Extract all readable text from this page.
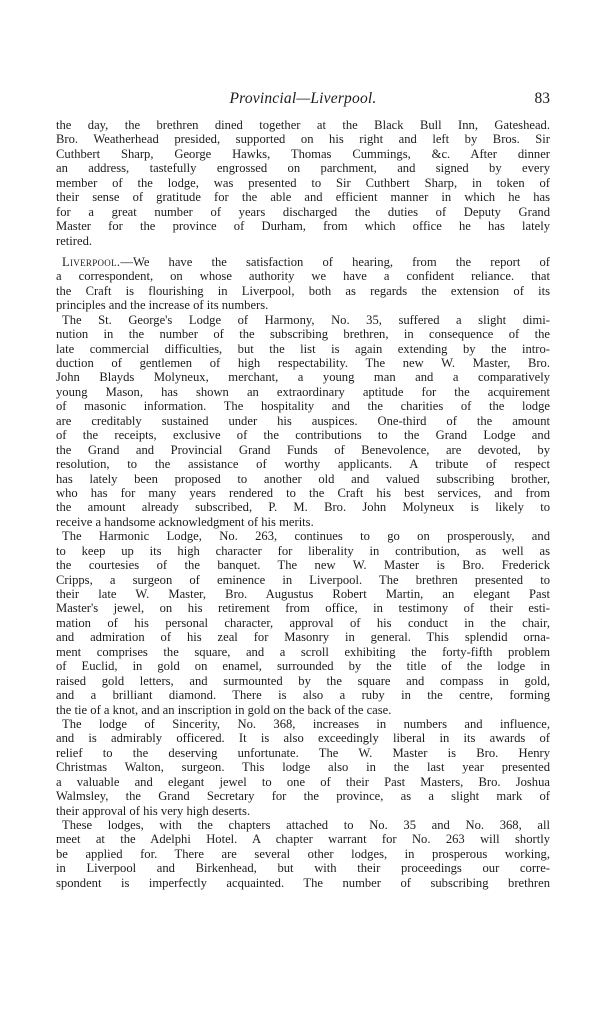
Provincial—Liverpool.	83
the day, the brethren dined together at the Black Bull Inn, Gateshead.
Bro. Weatherhead presided, supported on his right and left by Bros. Sir
Cuthbert Sharp, George Hawks, Thomas Cummings, &c. After dinner
an address, tastefully engrossed on parchment, and signed by every
member of the lodge, was presented to Sir Cuthbert Sharp, in token of
their sense of gratitude for the able and efficient manner in which he has
for a great number of years discharged the duties of Deputy Grand
Master for the province of Durham, from which office he has lately
retired.
Liverpool.—We have the satisfaction of hearing, from the report of
a correspondent, on whose authority we have a confident reliance. that
the Craft is flourishing in Liverpool, both as regards the extension of its
principles and the increase of its numbers.
The St. George's Lodge of Harmony, No. 35, suffered a slight dimi-
nution in the number of the subscribing brethren, in consequence of the
late commercial difficulties, but the list is again extending by the intro-
duction of gentlemen of high respectability. The new W. Master, Bro.
John Blayds Molyneux, merchant, a young man and a comparatively
young Mason, has shown an extraordinary aptitude for the acquirement
of masonic information. The hospitality and the charities of the lodge
are creditably sustained under his auspices. One-third of the amount
of the receipts, exclusive of the contributions to the Grand Lodge and
the Grand and Provincial Grand Funds of Benevolence, are devoted, by
resolution, to the assistance of worthy applicants. A tribute of respect
has lately been proposed to another old and valued subscribing brother,
who has for many years rendered to the Craft his best services, and from
the amount already subscribed, P. M. Bro. John Molyneux is likely to
receive a handsome acknowledgment of his merits.
The Harmonic Lodge, No. 263, continues to go on prosperously, and
to keep up its high character for liberality in contribution, as well as
the courtesies of the banquet. The new W. Master is Bro. Frederick
Cripps, a surgeon of eminence in Liverpool. The brethren presented to
their late W. Master, Bro. Augustus Robert Martin, an elegant Past
Master's jewel, on his retirement from office, in testimony of their esti-
mation of his personal character, approval of his conduct in the chair,
and admiration of his zeal for Masonry in general. This splendid orna-
ment comprises the square, and a scroll exhibiting the forty-fifth problem
of Euclid, in gold on enamel, surrounded by the title of the lodge in
raised gold letters, and surmounted by the square and compass in gold,
and a brilliant diamond. There is also a ruby in the centre, forming
the tie of a knot, and an inscription in gold on the back of the case.
The lodge of Sincerity, No. 368, increases in numbers and influence,
and is admirably officered. It is also exceedingly liberal in its awards of
relief to the deserving unfortunate. The W. Master is Bro. Henry
Christmas Walton, surgeon. This lodge also in the last year presented
a valuable and elegant jewel to one of their Past Masters, Bro. Joshua
Walmsley, the Grand Secretary for the province, as a slight mark of
their approval of his very high deserts.
These lodges, with the chapters attached to No. 35 and No. 368, all
meet at the Adelphi Hotel. A chapter warrant for No. 263 will shortly
be applied for. There are several other lodges, in prosperous working,
in Liverpool and Birkenhead, but with their proceedings our corre-
spondent is imperfectly acquainted. The number of subscribing brethren
